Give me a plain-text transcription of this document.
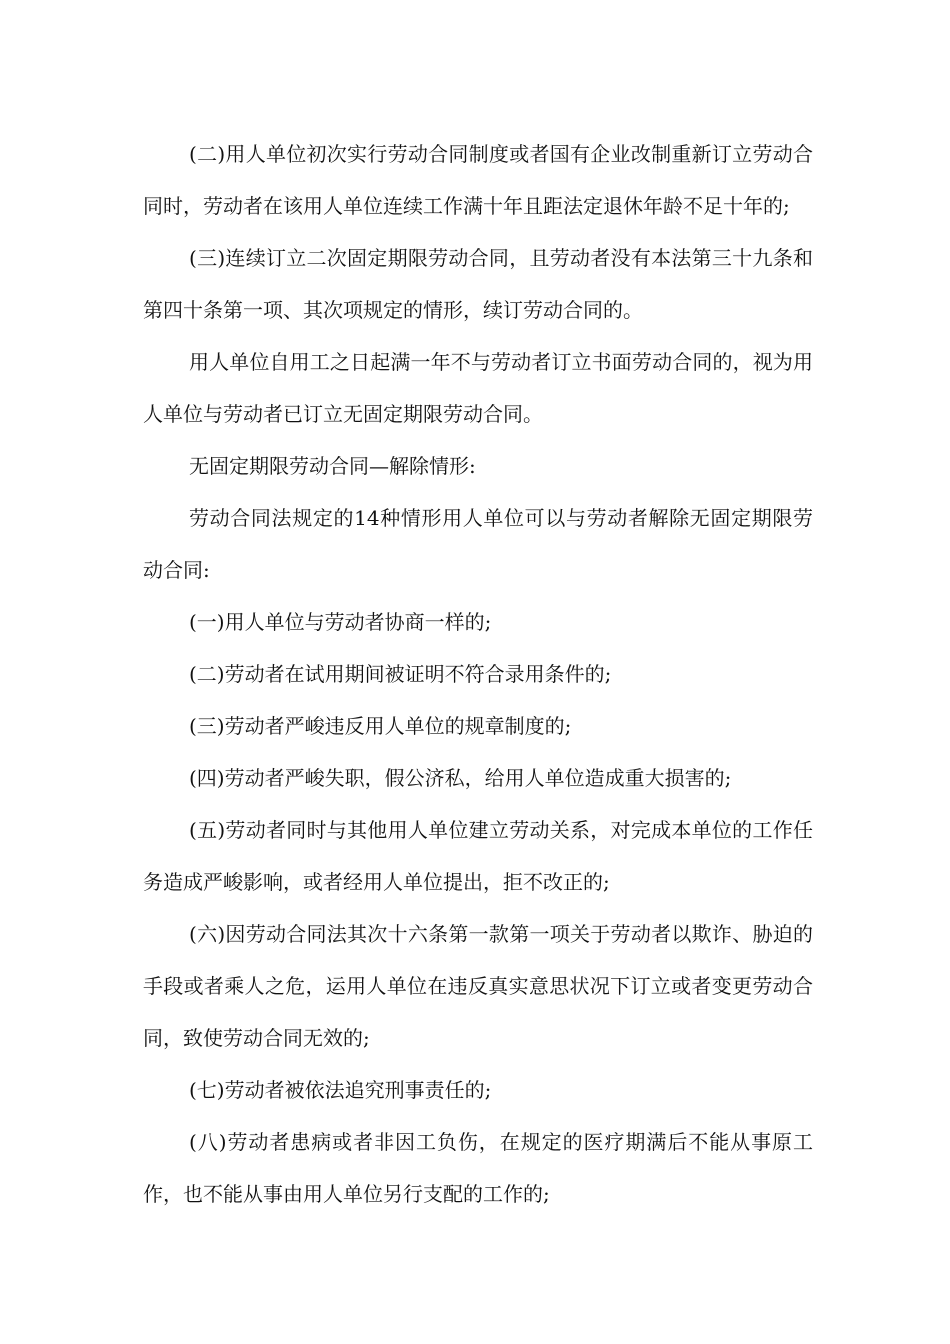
(二)用人单位初次实行劳动合同制度或者国有企业改制重新订立劳动合同时，劳动者在该用人单位连续工作满十年且距法定退休年龄不足十年的;

(三)连续订立二次固定期限劳动合同，且劳动者没有本法第三十九条和第四十条第一项、其次项规定的情形，续订劳动合同的。

用人单位自用工之日起满一年不与劳动者订立书面劳动合同的，视为用人单位与劳动者已订立无固定期限劳动合同。

无固定期限劳动合同—解除情形:

劳动合同法规定的14种情形用人单位可以与劳动者解除无固定期限劳动合同:

(一)用人单位与劳动者协商一样的;

(二)劳动者在试用期间被证明不符合录用条件的;

(三)劳动者严峻违反用人单位的规章制度的;

(四)劳动者严峻失职，假公济私，给用人单位造成重大损害的;

(五)劳动者同时与其他用人单位建立劳动关系，对完成本单位的工作任务造成严峻影响，或者经用人单位提出，拒不改正的;

(六)因劳动合同法其次十六条第一款第一项关于劳动者以欺诈、胁迫的手段或者乘人之危，运用人单位在违反真实意思状况下订立或者变更劳动合同，致使劳动合同无效的;

(七)劳动者被依法追究刑事责任的;

(八)劳动者患病或者非因工负伤，在规定的医疗期满后不能从事原工作，也不能从事由用人单位另行支配的工作的;
